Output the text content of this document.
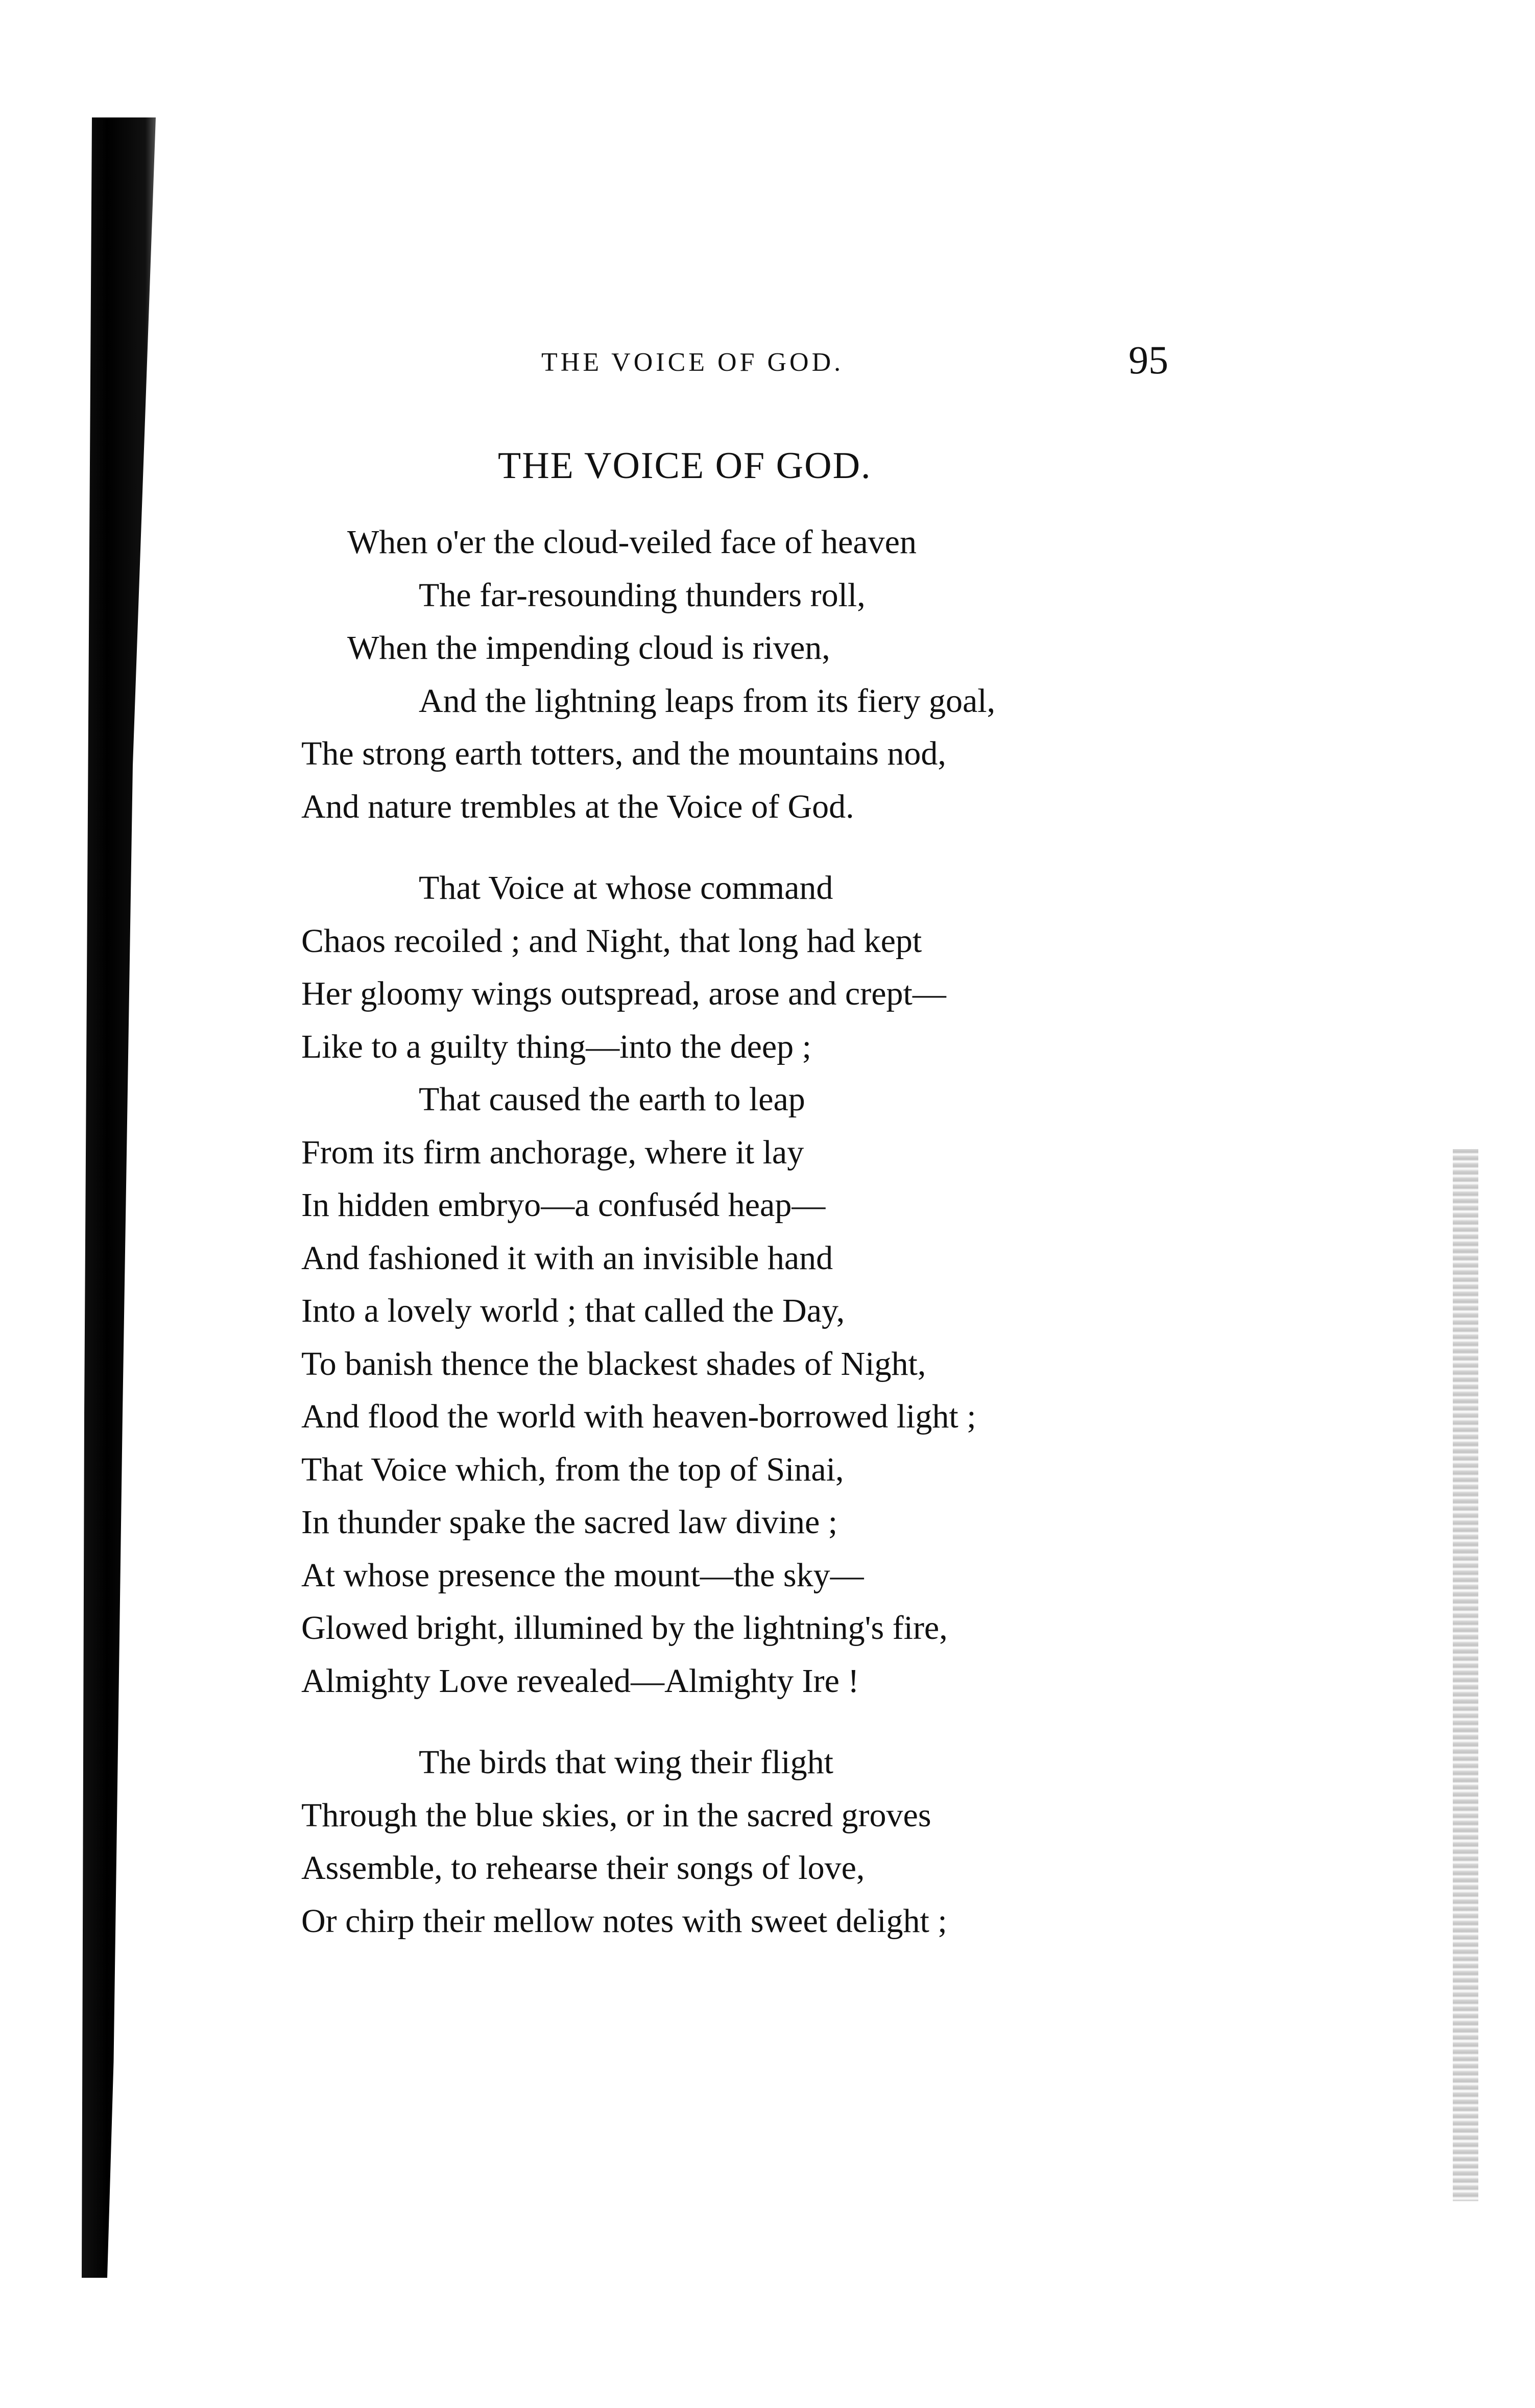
THE VOICE OF GOD.	95
THE VOICE OF GOD.
When o'er the cloud-veiled face of heaven
The far-resounding thunders roll,
When the impending cloud is riven,
And the lightning leaps from its fiery goal,
The strong earth totters, and the mountains nod,
And nature trembles at the Voice of God.
That Voice at whose command
Chaos recoiled ; and Night, that long had kept
Her gloomy wings outspread, arose and crept—
Like to a guilty thing—into the deep ;
That caused the earth to leap
From its firm anchorage, where it lay
In hidden embryo—a confuséd heap—
And fashioned it with an invisible hand
Into a lovely world ; that called the Day,
To banish thence the blackest shades of Night,
And flood the world with heaven-borrowed light ;
That Voice which, from the top of Sinai,
In thunder spake the sacred law divine ;
At whose presence the mount—the sky—
Glowed bright, illumined by the lightning's fire,
Almighty Love revealed—Almighty Ire !
The birds that wing their flight
Through the blue skies, or in the sacred groves
Assemble, to rehearse their songs of love,
Or chirp their mellow notes with sweet delight ;
